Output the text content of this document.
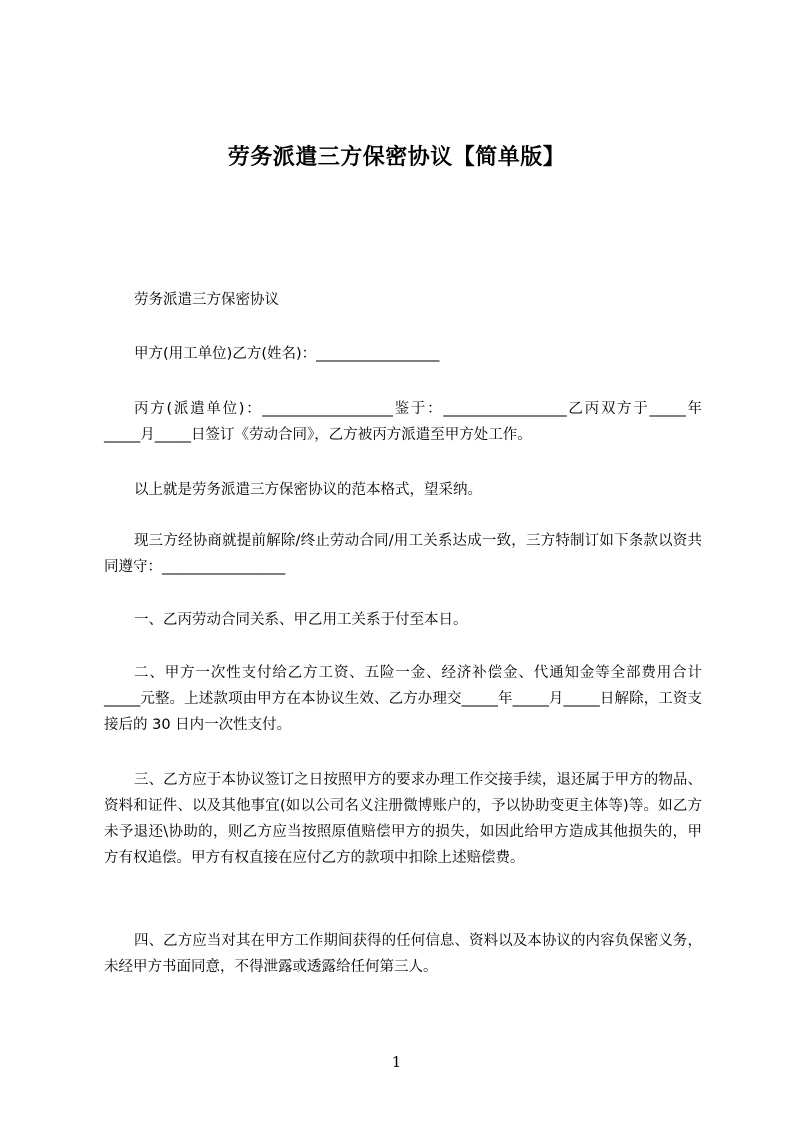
劳务派遣三方保密协议【简单版】

劳务派遣三方保密协议

甲方(用工单位)乙方(姓名)：_________________

丙方(派遣单位)：__________________鉴于：_________________乙丙双方于_____年_____月_____日签订《劳动合同》，乙方被丙方派遣至甲方处工作。

以上就是劳务派遣三方保密协议的范本格式，望采纳。

现三方经协商就提前解除/终止劳动合同/用工关系达成一致，三方特制订如下条款以资共同遵守：_________________

一、乙丙劳动合同关系、甲乙用工关系于付至本日。

二、甲方一次性支付给乙方工资、五险一金、经济补偿金、代通知金等全部费用合计_____元整。上述款项由甲方在本协议生效、乙方办理交_____年_____月_____日解除，工资支接后的 30 日内一次性支付。

三、乙方应于本协议签订之日按照甲方的要求办理工作交接手续，退还属于甲方的物品、资料和证件、以及其他事宜(如以公司名义注册微博账户的，予以协助变更主体等)等。如乙方未予退还\协助的，则乙方应当按照原值赔偿甲方的损失，如因此给甲方造成其他损失的，甲方有权追偿。甲方有权直接在应付乙方的款项中扣除上述赔偿费。

四、乙方应当对其在甲方工作期间获得的任何信息、资料以及本协议的内容负保密义务，未经甲方书面同意，不得泄露或透露给任何第三人。

1
